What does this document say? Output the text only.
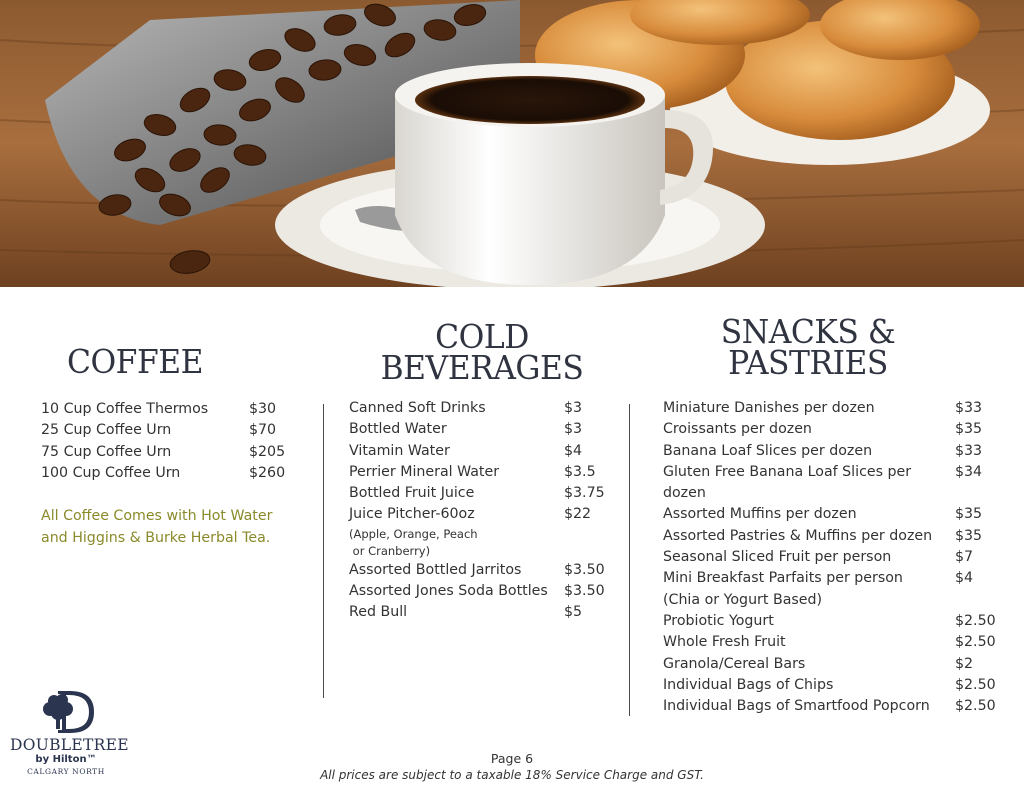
COFFEE
COLD
BEVERAGES
SNACKS &
PASTRIES
10 Cup Coffee Thermos	$30
25 Cup Coffee Urn	$70
75 Cup Coffee Urn	$205
100 Cup Coffee Urn	$260
All Coffee Comes with Hot Water
and Higgins & Burke Herbal Tea.
Canned Soft Drinks	$3
Bottled Water	$3
Vitamin Water	$4
Perrier Mineral Water	$3.5
Bottled Fruit Juice	$3.75
Juice Pitcher-60oz	$22
(Apple, Orange, Peach
or Cranberry)
Assorted Bottled Jarritos	$3.50
Assorted Jones Soda Bottles $3.50
Red Bull	$5
Miniature Danishes per dozen	$33
Croissants per dozen	$35
Banana Loaf Slices per dozen	$33
Gluten Free Banana Loaf Slices per	$34
dozen
Assorted Muffins per dozen	$35
Assorted Pastries & Muffins per dozen $35
Seasonal Sliced Fruit per person	$7
Mini Breakfast Parfaits per person	$4
(Chia or Yogurt Based)
Probiotic Yogurt	$2.50
Whole Fresh Fruit	$2.50
Granola/Cereal Bars	$2
Individual Bags of Chips	$2.50
Individual Bags of Smartfood Popcorn $2.50
DOUBLETREE
by Hilton™
CALGARY NORTH
Page 6
All prices are subject to a taxable 18% Service Charge and GST.
